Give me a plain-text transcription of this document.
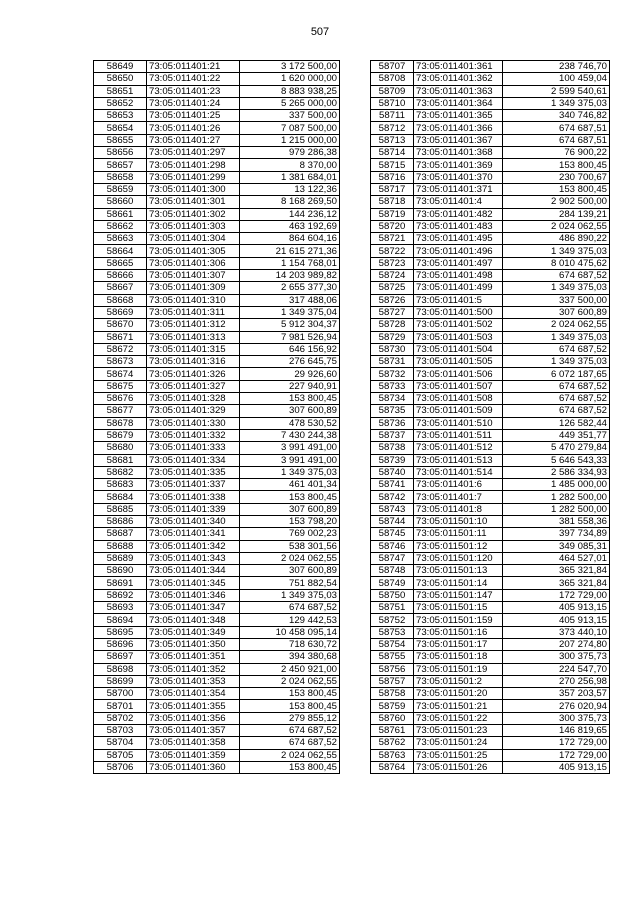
507
58649	73:05:011401:21	3 172 500,00
58650	73:05:011401:22	1 620 000,00
58651	73:05:011401:23	8 883 938,25
58652	73:05:011401:24	5 265 000,00
58653	73:05:011401:25	337 500,00
58654	73:05:011401:26	7 087 500,00
58655	73:05:011401:27	1 215 000,00
58656	73:05:011401:297	979 286,38
58657	73:05:011401:298	8 370,00
58658	73:05:011401:299	1 381 684,01
58659	73:05:011401:300	13 122,36
58660	73:05:011401:301	8 168 269,50
58661	73:05:011401:302	144 236,12
58662	73:05:011401:303	463 192,69
58663	73:05:011401:304	864 604,16
58664	73:05:011401:305	21 615 271,36
58665	73:05:011401:306	1 154 768,01
58666	73:05:011401:307	14 203 989,82
58667	73:05:011401:309	2 655 377,30
58668	73:05:011401:310	317 488,06
58669	73:05:011401:311	1 349 375,04
58670	73:05:011401:312	5 912 304,37
58671	73:05:011401:313	7 981 526,94
58672	73:05:011401:315	646 156,92
58673	73:05:011401:316	276 645,75
58674	73:05:011401:326	29 926,60
58675	73:05:011401:327	227 940,91
58676	73:05:011401:328	153 800,45
58677	73:05:011401:329	307 600,89
58678	73:05:011401:330	478 530,52
58679	73:05:011401:332	7 430 244,38
58680	73:05:011401:333	3 991 491,00
58681	73:05:011401:334	3 991 491,00
58682	73:05:011401:335	1 349 375,03
58683	73:05:011401:337	461 401,34
58684	73:05:011401:338	153 800,45
58685	73:05:011401:339	307 600,89
58686	73:05:011401:340	153 798,20
58687	73:05:011401:341	769 002,23
58688	73:05:011401:342	538 301,56
58689	73:05:011401:343	2 024 062,55
58690	73:05:011401:344	307 600,89
58691	73:05:011401:345	751 882,54
58692	73:05:011401:346	1 349 375,03
58693	73:05:011401:347	674 687,52
58694	73:05:011401:348	129 442,53
58695	73:05:011401:349	10 458 095,14
58696	73:05:011401:350	718 630,72
58697	73:05:011401:351	394 380,68
58698	73:05:011401:352	2 450 921,00
58699	73:05:011401:353	2 024 062,55
58700	73:05:011401:354	153 800,45
58701	73:05:011401:355	153 800,45
58702	73:05:011401:356	279 855,12
58703	73:05:011401:357	674 687,52
58704	73:05:011401:358	674 687,52
58705	73:05:011401:359	2 024 062,55
58706	73:05:011401:360	153 800,45
58707	73:05:011401:361	238 746,70
58708	73:05:011401:362	100 459,04
58709	73:05:011401:363	2 599 540,61
58710	73:05:011401:364	1 349 375,03
58711	73:05:011401:365	340 746,82
58712	73:05:011401:366	674 687,51
58713	73:05:011401:367	674 687,51
58714	73:05:011401:368	76 900,22
58715	73:05:011401:369	153 800,45
58716	73:05:011401:370	230 700,67
58717	73:05:011401:371	153 800,45
58718	73:05:011401:4	2 902 500,00
58719	73:05:011401:482	284 139,21
58720	73:05:011401:483	2 024 062,55
58721	73:05:011401:495	486 890,22
58722	73:05:011401:496	1 349 375,03
58723	73:05:011401:497	8 010 475,62
58724	73:05:011401:498	674 687,52
58725	73:05:011401:499	1 349 375,03
58726	73:05:011401:5	337 500,00
58727	73:05:011401:500	307 600,89
58728	73:05:011401:502	2 024 062,55
58729	73:05:011401:503	1 349 375,03
58730	73:05:011401:504	674 687,52
58731	73:05:011401:505	1 349 375,03
58732	73:05:011401:506	6 072 187,65
58733	73:05:011401:507	674 687,52
58734	73:05:011401:508	674 687,52
58735	73:05:011401:509	674 687,52
58736	73:05:011401:510	126 582,44
58737	73:05:011401:511	449 351,77
58738	73:05:011401:512	5 470 279,84
58739	73:05:011401:513	5 646 543,33
58740	73:05:011401:514	2 586 334,93
58741	73:05:011401:6	1 485 000,00
58742	73:05:011401:7	1 282 500,00
58743	73:05:011401:8	1 282 500,00
58744	73:05:011501:10	381 558,36
58745	73:05:011501:11	397 734,89
58746	73:05:011501:12	349 085,31
58747	73:05:011501:120	464 527,01
58748	73:05:011501:13	365 321,84
58749	73:05:011501:14	365 321,84
58750	73:05:011501:147	172 729,00
58751	73:05:011501:15	405 913,15
58752	73:05:011501:159	405 913,15
58753	73:05:011501:16	373 440,10
58754	73:05:011501:17	207 274,80
58755	73:05:011501:18	300 375,73
58756	73:05:011501:19	224 547,70
58757	73:05:011501:2	270 256,98
58758	73:05:011501:20	357 203,57
58759	73:05:011501:21	276 020,94
58760	73:05:011501:22	300 375,73
58761	73:05:011501:23	146 819,65
58762	73:05:011501:24	172 729,00
58763	73:05:011501:25	172 729,00
58764	73:05:011501:26	405 913,15
